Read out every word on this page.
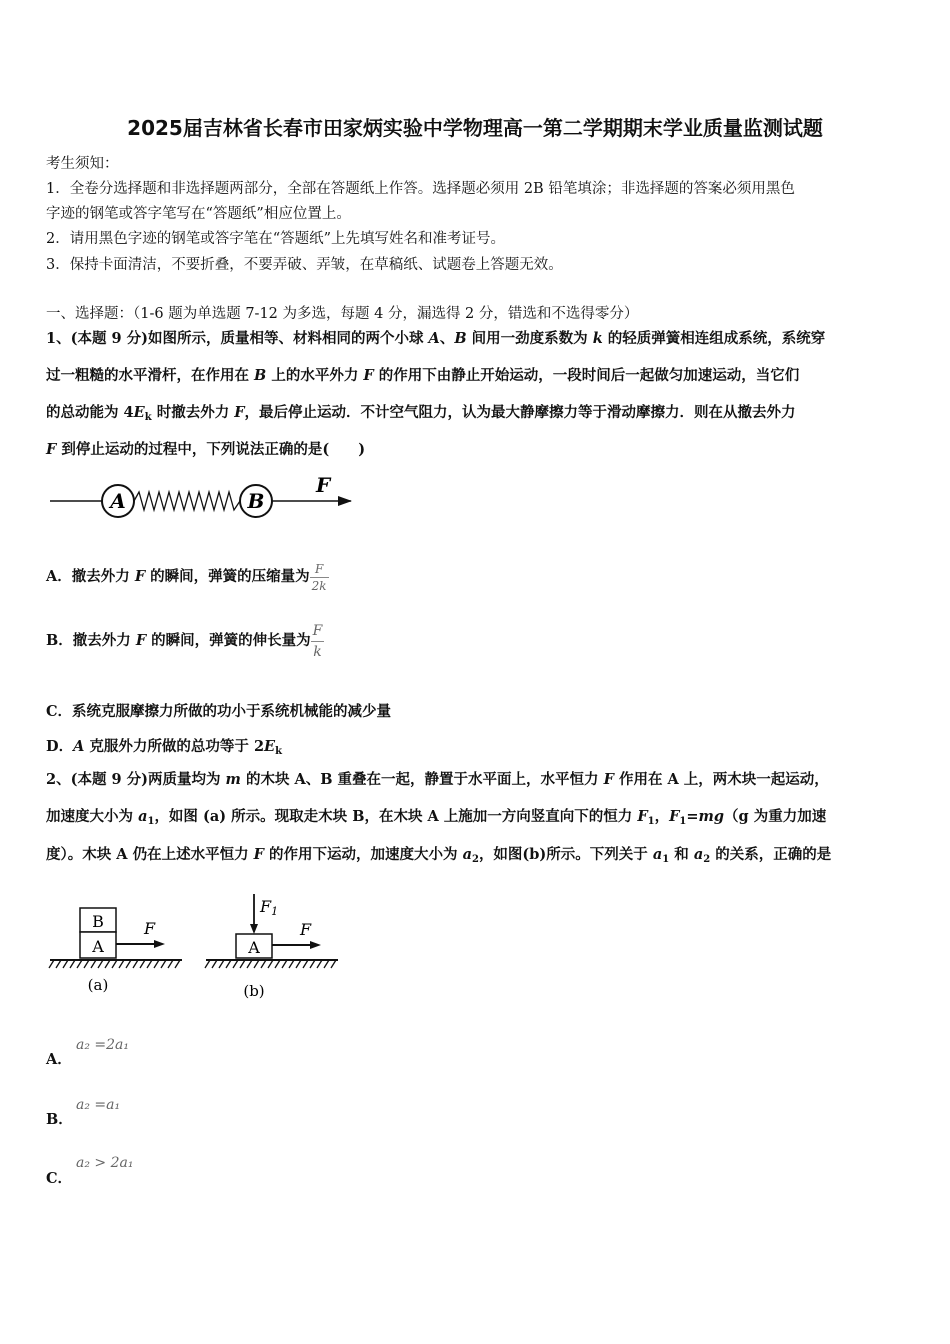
2025届吉林省长春市田家炳实验中学物理高一第二学期期末学业质量监测试题
考生须知：
1．全卷分选择题和非选择题两部分，全部在答题纸上作答。选择题必须用 2B 铅笔填涂；非选择题的答案必须用黑色
字迹的钢笔或答字笔写在“答题纸”相应位置上。
2．请用黑色字迹的钢笔或答字笔在“答题纸”上先填写姓名和准考证号。
3．保持卡面清洁，不要折叠，不要弄破、弄皱，在草稿纸、试题卷上答题无效。
一、选择题：（1-6 题为单选题 7-12 为多选，每题 4 分，漏选得 2 分，错选和不选得零分）
1、(本题 9 分)如图所示，质量相等、材料相同的两个小球 A、B 间用一劲度系数为 k 的轻质弹簧相连组成系统，系统穿
过一粗糙的水平滑杆，在作用在 B 上的水平外力 F 的作用下由静止开始运动，一段时间后一起做匀加速运动，当它们
的总动能为 $4E_k$ 时撤去外力 F，最后停止运动．不计空气阻力，认为最大静摩擦力等于滑动摩擦力．则在从撤去外力
F 到停止运动的过程中，下列说法正确的是(　　)
A	B
F
A．撤去外力 F 的瞬间，弹簧的压缩量为 $\frac{F}{2k}$
B．撤去外力 F 的瞬间，弹簧的伸长量为 $\frac{F}{k}$
C．系统克服摩擦力所做的功小于系统机械能的减少量
D．A 克服外力所做的总功等于 $2E_k$
2、(本题 9 分)两质量均为 m 的木块 A、B 重叠在一起，静置于水平面上，水平恒力 F 作用在 A 上，两木块一起运动，
加速度大小为 $a_1$，如图 (a) 所示。现取走木块 B，在木块 A 上施加一方向竖直向下的恒力 $F_1$，$F_1=mg(g$ 为重力加速
度）。木块 A 仍在上述水平恒力 F 的作用下运动，加速度大小为 $a_2$，如图(b)所示。下列关于 $a_1$ 和 $a_2$ 的关系，正确的是
B
A
F
(a)
A
F1
F
(b)
A．
a₂ =2a₁
B．
a₂ =a₁
C．
a₂ > 2a₁
